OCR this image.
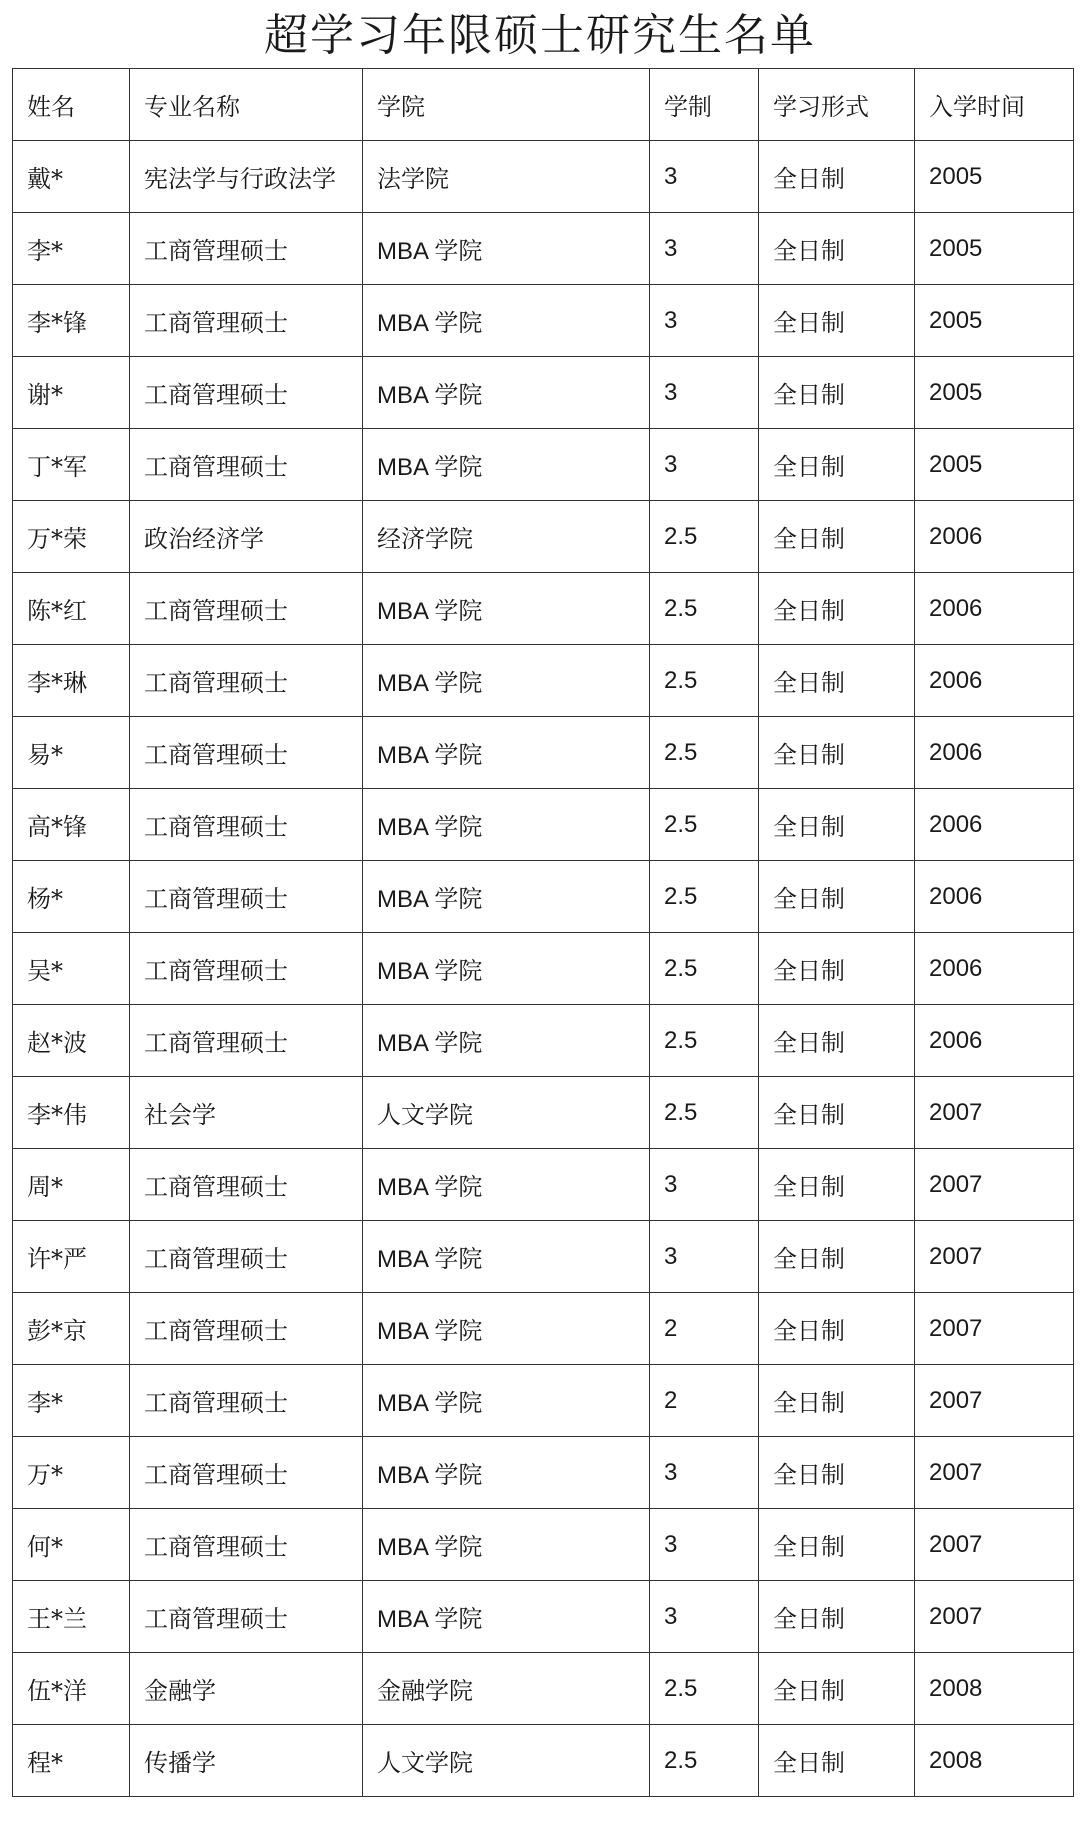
超学习年限硕士研究生名单
姓名	专业名称	学院	学制	学习形式	入学时间
戴*	宪法学与行政法学	法学院	3	全日制	2005
李*	工商管理硕士	MBA 学院	3	全日制	2005
李*锋	工商管理硕士	MBA 学院	3	全日制	2005
谢*	工商管理硕士	MBA 学院	3	全日制	2005
丁*军	工商管理硕士	MBA 学院	3	全日制	2005
万*荣	政治经济学	经济学院	2.5	全日制	2006
陈*红	工商管理硕士	MBA 学院	2.5	全日制	2006
李*琳	工商管理硕士	MBA 学院	2.5	全日制	2006
易*	工商管理硕士	MBA 学院	2.5	全日制	2006
高*锋	工商管理硕士	MBA 学院	2.5	全日制	2006
杨*	工商管理硕士	MBA 学院	2.5	全日制	2006
吴*	工商管理硕士	MBA 学院	2.5	全日制	2006
赵*波	工商管理硕士	MBA 学院	2.5	全日制	2006
李*伟	社会学	人文学院	2.5	全日制	2007
周*	工商管理硕士	MBA 学院	3	全日制	2007
许*严	工商管理硕士	MBA 学院	3	全日制	2007
彭*京	工商管理硕士	MBA 学院	2	全日制	2007
李*	工商管理硕士	MBA 学院	2	全日制	2007
万*	工商管理硕士	MBA 学院	3	全日制	2007
何*	工商管理硕士	MBA 学院	3	全日制	2007
王*兰	工商管理硕士	MBA 学院	3	全日制	2007
伍*洋	金融学	金融学院	2.5	全日制	2008
程*	传播学	人文学院	2.5	全日制	2008
